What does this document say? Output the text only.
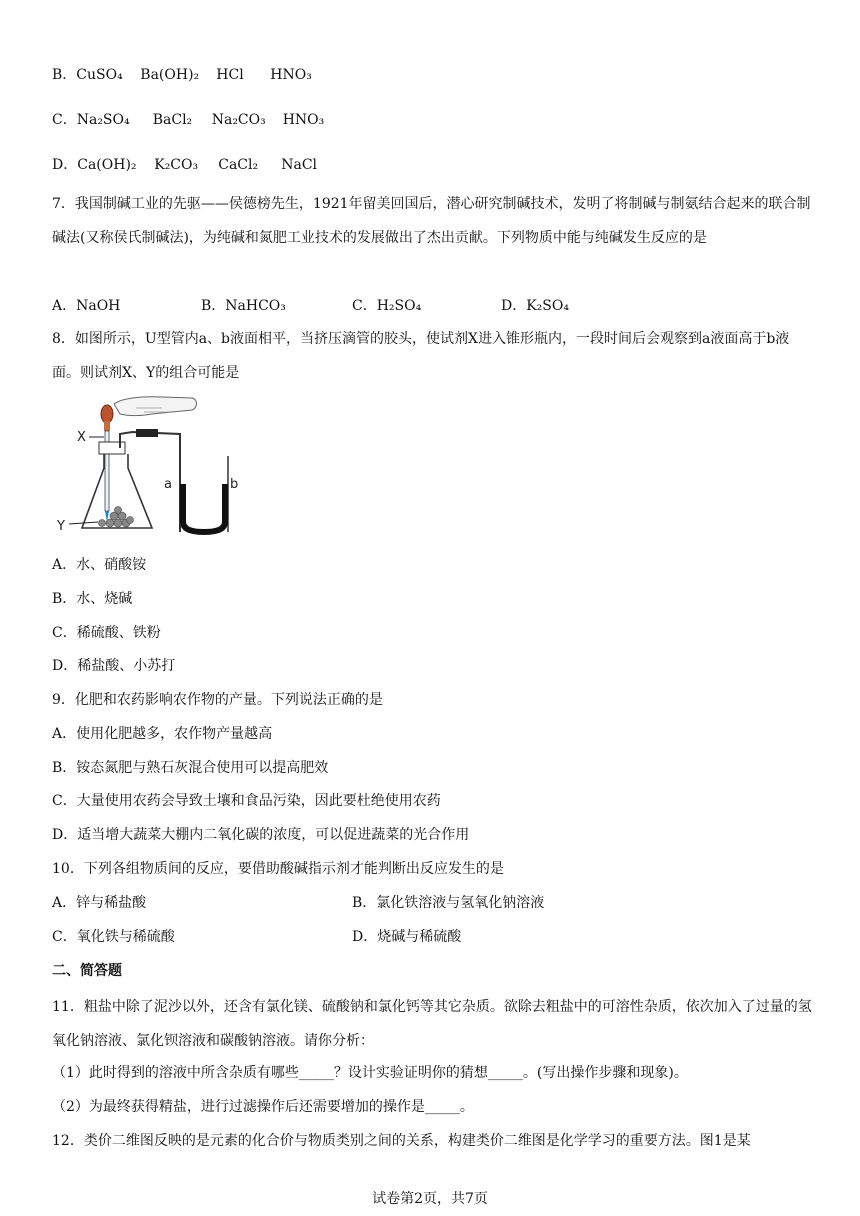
B．CuSO₄ Ba(OH)₂ HCl HNO₃
C．Na₂SO₄ BaCl₂ Na₂CO₃ HNO₃
D．Ca(OH)₂ K₂CO₃ CaCl₂ NaCl
7．我国制碱工业的先驱——侯德榜先生，1921年留美回国后，潜心研究制碱技术，发明了将制碱与制氨结合起来的联合制碱法(又称侯氏制碱法)，为纯碱和氮肥工业技术的发展做出了杰出贡献。下列物质中能与纯碱发生反应的是
A．NaOH	B．NaHCO₃	C．H₂SO₄	D．K₂SO₄
8．如图所示，U型管内a、b液面相平，当挤压滴管的胶头，使试剂X进入锥形瓶内，一段时间后会观察到a液面高于b液面。则试剂X、Y的组合可能是
X
Y
a	b
A．水、硝酸铵
B．水、烧碱
C．稀硫酸、铁粉
D．稀盐酸、小苏打
9．化肥和农药影响农作物的产量。下列说法正确的是
A．使用化肥越多，农作物产量越高
B．铵态氮肥与熟石灰混合使用可以提高肥效
C．大量使用农药会导致土壤和食品污染，因此要杜绝使用农药
D．适当增大蔬菜大棚内二氧化碳的浓度，可以促进蔬菜的光合作用
10．下列各组物质间的反应，要借助酸碱指示剂才能判断出反应发生的是
A．锌与稀盐酸	B．氯化铁溶液与氢氧化钠溶液
C．氧化铁与稀硫酸	D．烧碱与稀硫酸
二、简答题
11．粗盐中除了泥沙以外，还含有氯化镁、硫酸钠和氯化钙等其它杂质。欲除去粗盐中的可溶性杂质，依次加入了过量的氢氧化钠溶液、氯化钡溶液和碳酸钠溶液。请你分析：
（1）此时得到的溶液中所含杂质有哪些_____？设计实验证明你的猜想_____。(写出操作步骤和现象)。
（2）为最终获得精盐，进行过滤操作后还需要增加的操作是_____。
12．类价二维图反映的是元素的化合价与物质类别之间的关系，构建类价二维图是化学学习的重要方法。图1是某
试卷第2页，共7页
